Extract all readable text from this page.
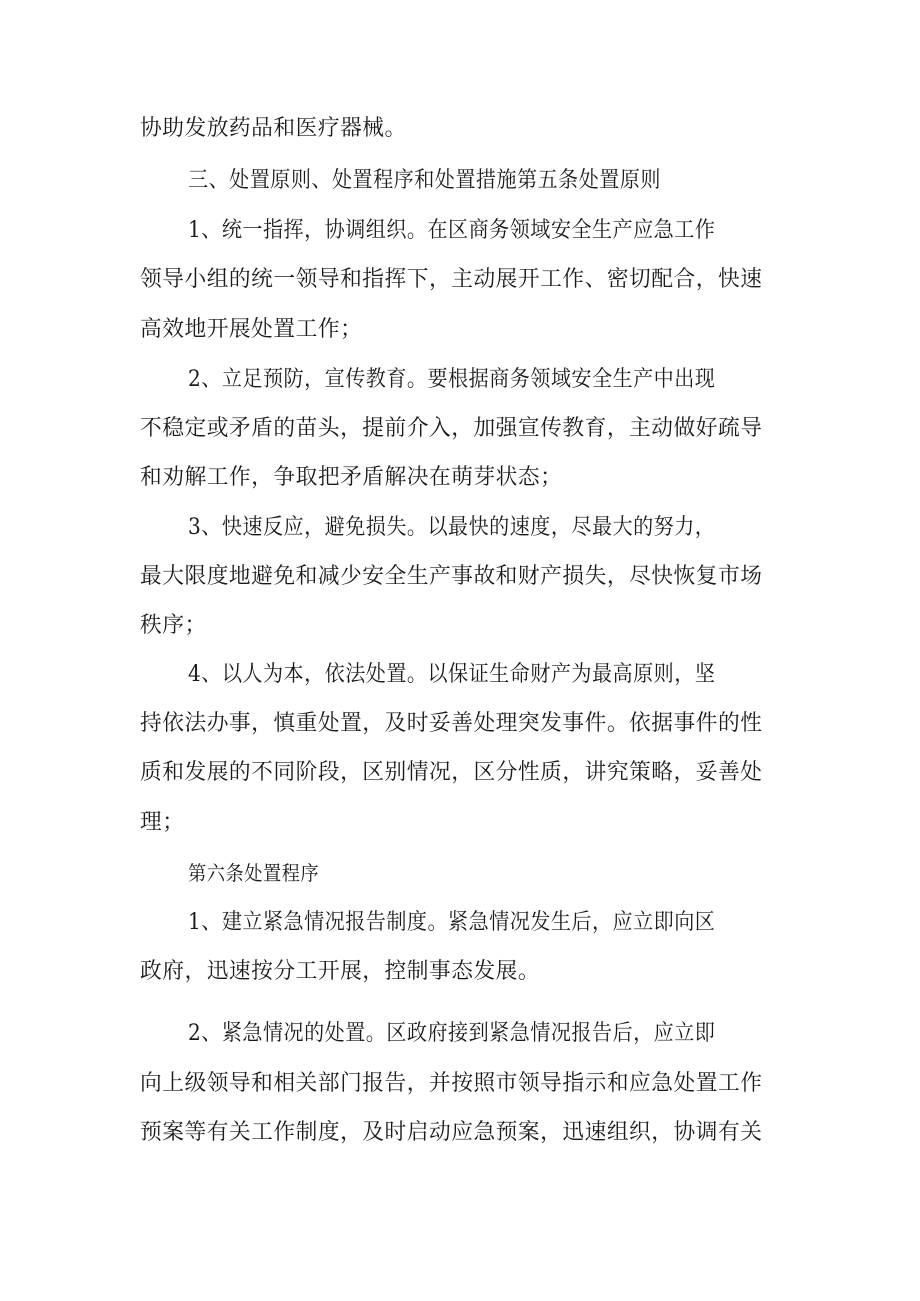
协助发放药品和医疗器械。
三、处置原则、处置程序和处置措施第五条处置原则
1、统一指挥，协调组织。在区商务领域安全生产应急工作
领导小组的统一领导和指挥下，主动展开工作、密切配合，快速
高效地开展处置工作；
2、立足预防，宣传教育。要根据商务领域安全生产中出现
不稳定或矛盾的苗头，提前介入，加强宣传教育，主动做好疏导
和劝解工作，争取把矛盾解决在萌芽状态；
3、快速反应，避免损失。以最快的速度，尽最大的努力，
最大限度地避免和减少安全生产事故和财产损失，尽快恢复市场
秩序；
4、以人为本，依法处置。以保证生命财产为最高原则，坚
持依法办事，慎重处置，及时妥善处理突发事件。依据事件的性
质和发展的不同阶段，区别情况，区分性质，讲究策略，妥善处
理；
第六条处置程序
1、建立紧急情况报告制度。紧急情况发生后，应立即向区
政府，迅速按分工开展，控制事态发展。
2、紧急情况的处置。区政府接到紧急情况报告后，应立即
向上级领导和相关部门报告，并按照市领导指示和应急处置工作
预案等有关工作制度，及时启动应急预案，迅速组织，协调有关
